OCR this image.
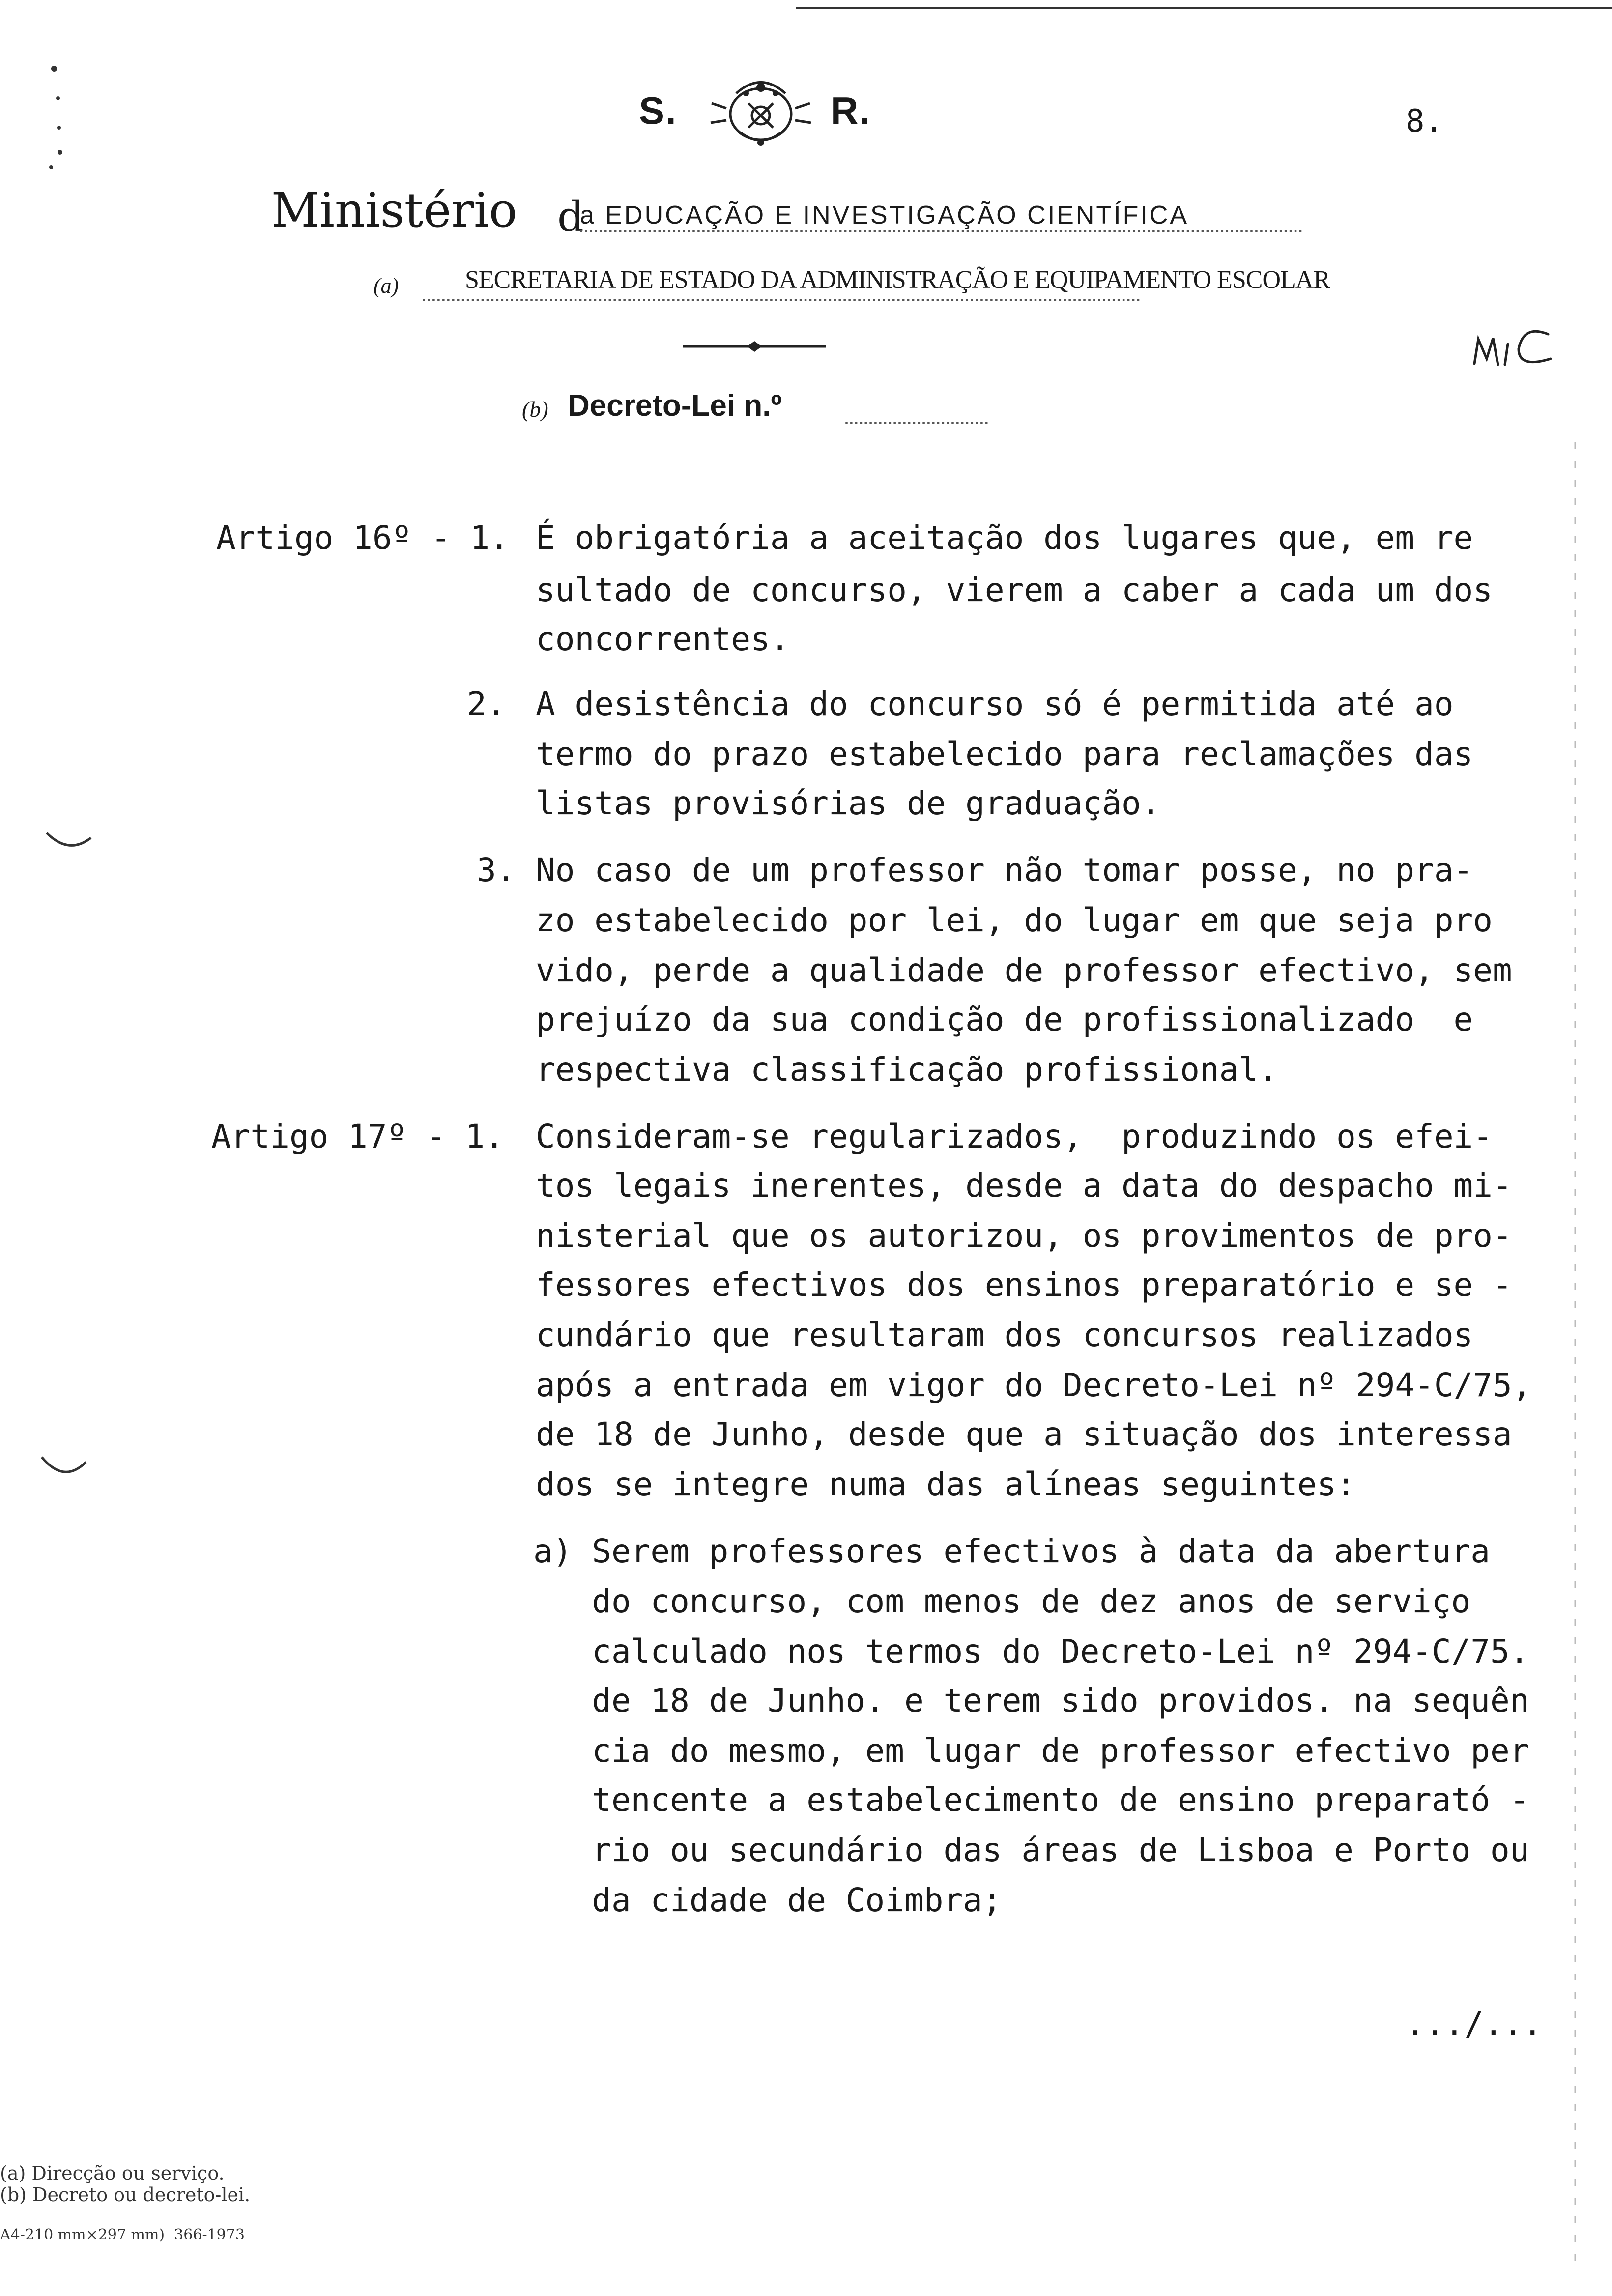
S.	R.	8.
Ministério d
a EDUCAÇÃO E INVESTIGAÇÃO CIENTÍFICA
(a)	SECRETARIA DE ESTADO DA ADMINISTRAÇÃO E EQUIPAMENTO ESCOLAR
(b) Decreto-Lei n.º
Artigo 16º - 1. É obrigatória a aceitação dos lugares que, em re
sultado de concurso, vierem a caber a cada um dos
concorrentes.
2. A desistência do concurso só é permitida até ao
termo do prazo estabelecido para reclamações das
listas provisórias de graduação.
3. No caso de um professor não tomar posse, no pra-
zo estabelecido por lei, do lugar em que seja pro
vido, perde a qualidade de professor efectivo, sem
prejuízo da sua condição de profissionalizado  e
respectiva classificação profissional.
Artigo 17º - 1. Consideram-se regularizados,  produzindo os efei-
tos legais inerentes, desde a data do despacho mi-
nisterial que os autorizou, os provimentos de pro-
fessores efectivos dos ensinos preparatório e se -
cundário que resultaram dos concursos realizados
após a entrada em vigor do Decreto-Lei nº 294-C/75,
de 18 de Junho, desde que a situação dos interessa
dos se integre numa das alíneas seguintes:
a) Serem professores efectivos à data da abertura
do concurso, com menos de dez anos de serviço
calculado nos termos do Decreto-Lei nº 294-C/75.
de 18 de Junho. e terem sido providos. na sequên
cia do mesmo, em lugar de professor efectivo per
tencente a estabelecimento de ensino preparató -
rio ou secundário das áreas de Lisboa e Porto ou
da cidade de Coimbra;
.../...
(a) Direcção ou serviço.
(b) Decreto ou decreto-lei.
A4-210 mm×297 mm)  366-1973
